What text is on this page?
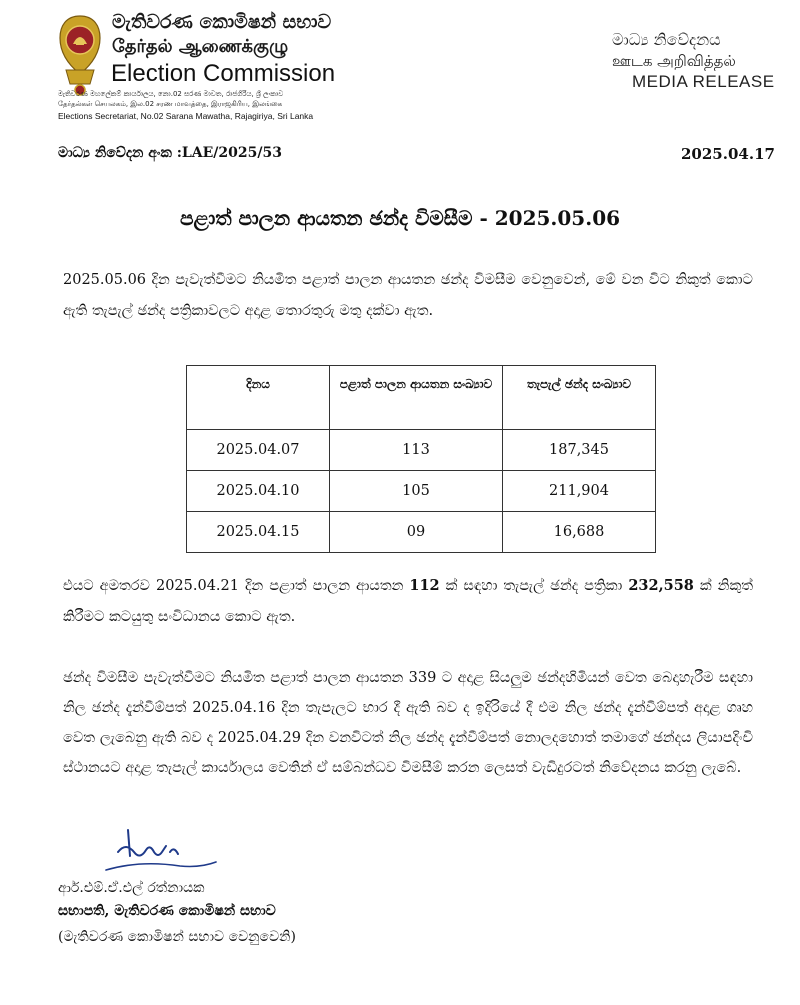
මැතිවරණ කොමිෂන් සභාව
தேர்தல் ஆணைக்குழு
Election Commission
මැතිවරණ මහලේකම් කාර්යාලය, නො.02 සරණ මාවත, රාජගිරිය, ශ්‍රී ලංකාව
தேர்தல்கள் செயலகம், இல.02 சரண மாவத்தை, இராஜகிரிய, இலங்கை
Elections Secretariat, No.02 Sarana Mawatha, Rajagiriya, Sri Lanka
මාධ්‍ය නිවේදනය
ஊடக அறிவித்தல்
MEDIA RELEASE
මාධ්‍ය නිවේදන අංක :LAE/2025/53	2025.04.17
පළාත් පාලන ආයතන ඡන්ද විමසීම - 2025.05.06
2025.05.06 දින පැවැත්වීමට නියමිත පළාත් පාලන ආයතන ඡන්ද විමසීම වෙනුවෙන්, මේ වන විට නිකුත් කොට ඇති තැපැල් ඡන්ද පත්‍රිකාවලට අදාළ තොරතුරු මතු දක්වා ඇත.
දිනය	පළාත් පාලන ආයතන සංඛ්‍යාව	තැපැල් ඡන්ද සංඛ්‍යාව
2025.04.07	113	187,345
2025.04.10	105	211,904
2025.04.15	09	16,688
එයට අමතරව 2025.04.21 දින පළාත් පාලන ආයතන 112 ක් සඳහා තැපැල් ඡන්ද පත්‍රිකා 232,558 ක් නිකුත් කිරීමට කටයුතු සංවිධානය කොට ඇත.
ඡන්ද විමසීම පැවැත්වීමට නියමිත පළාත් පාලන ආයතන 339 ට අදාළ සියලුම ඡන්දහිමියන් වෙත බෙදාහැරීම සඳහා නිල ඡන්ද දැන්වීම්පත් 2025.04.16 දින තැපැලට භාර දී ඇති බව ද ඉදිරියේ දී එම නිල ඡන්ද දැන්වීම්පත් අදාළ ගෘහ වෙත ලැබෙනු ඇති බව ද 2025.04.29 දින වනවිටත් නිල ඡන්ද දැන්වීම්පත් නොලදහොත් තමාගේ ඡන්දය ලියාපදිංචි ස්ථානයට අදාළ තැපැල් කාර්යාලය වෙතින් ඒ සම්බන්ධව විමසීම් කරන ලෙසත් වැඩිදුරටත් නිවේදනය කරනු ලැබේ.
ආර්.එම්.ඒ.එල් රත්නායක
සභාපති, මැතිවරණ කොමිෂන් සභාව
(මැතිවරණ කොමිෂන් සභාව වෙනුවෙනි)
